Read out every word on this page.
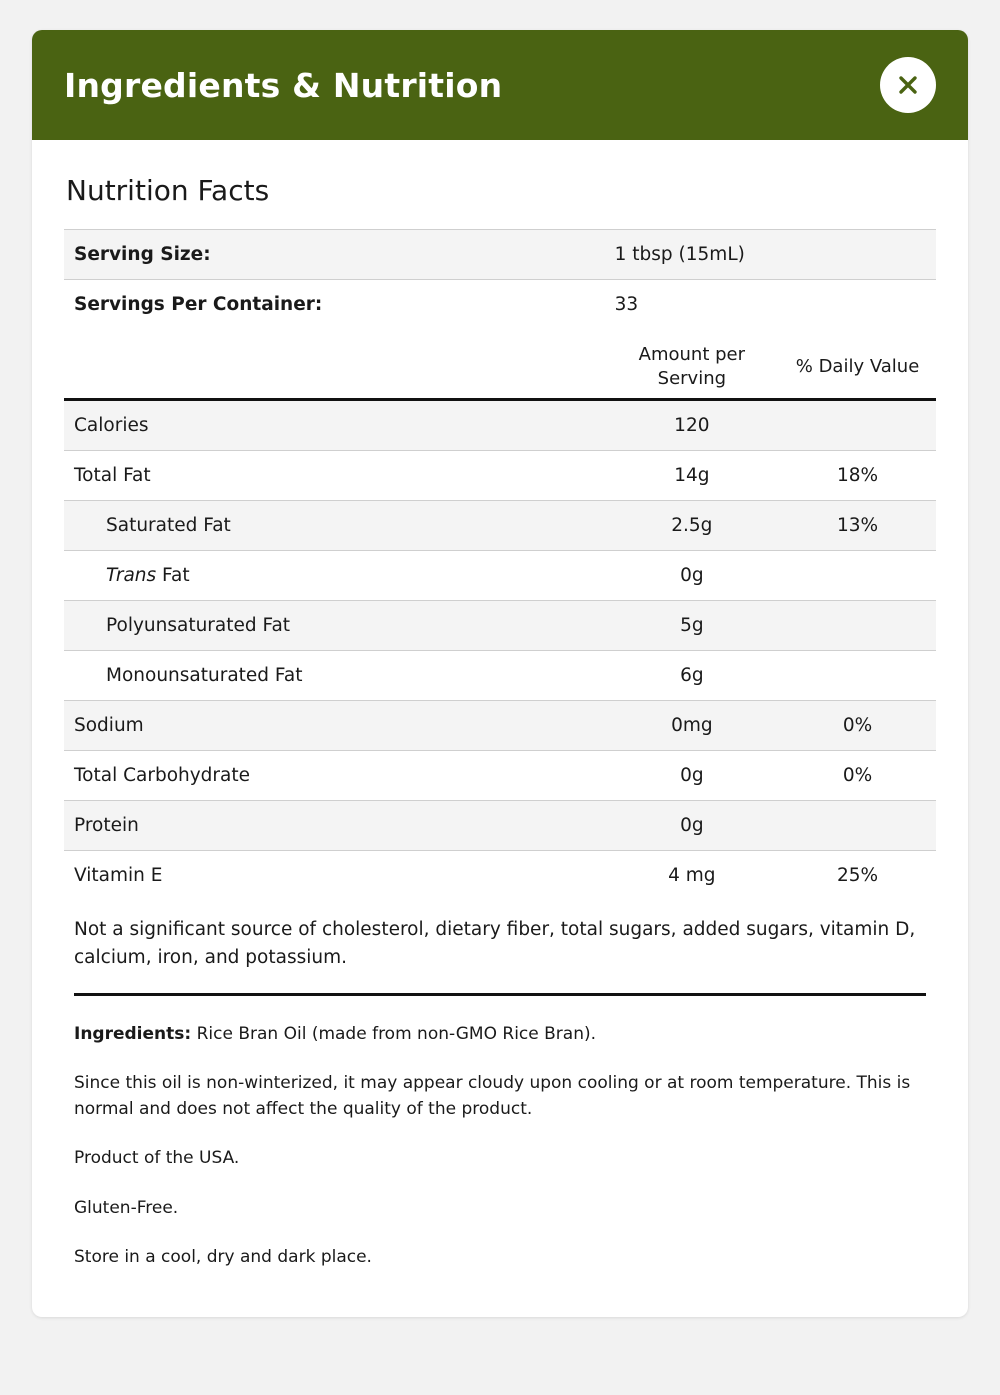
Ingredients & Nutrition
Nutrition Facts
Serving Size:	1 tbsp (15mL)	
Servings Per Container:	33	
	Amount per Serving	% Daily Value
Calories	120	
Total Fat	14g	18%
Saturated Fat	2.5g	13%
Trans Fat	0g	
Polyunsaturated Fat	5g	
Monounsaturated Fat	6g	
Sodium	0mg	0%
Total Carbohydrate	0g	0%
Protein	0g	
Vitamin E	4 mg	25%
Not a significant source of cholesterol, dietary fiber, total sugars, added sugars, vitamin D, calcium, iron, and potassium.

Ingredients: Rice Bran Oil (made from non-GMO Rice Bran).

Since this oil is non-winterized, it may appear cloudy upon cooling or at room temperature. This is normal and does not affect the quality of the product.

Product of the USA.

Gluten-Free.

Store in a cool, dry and dark place.
